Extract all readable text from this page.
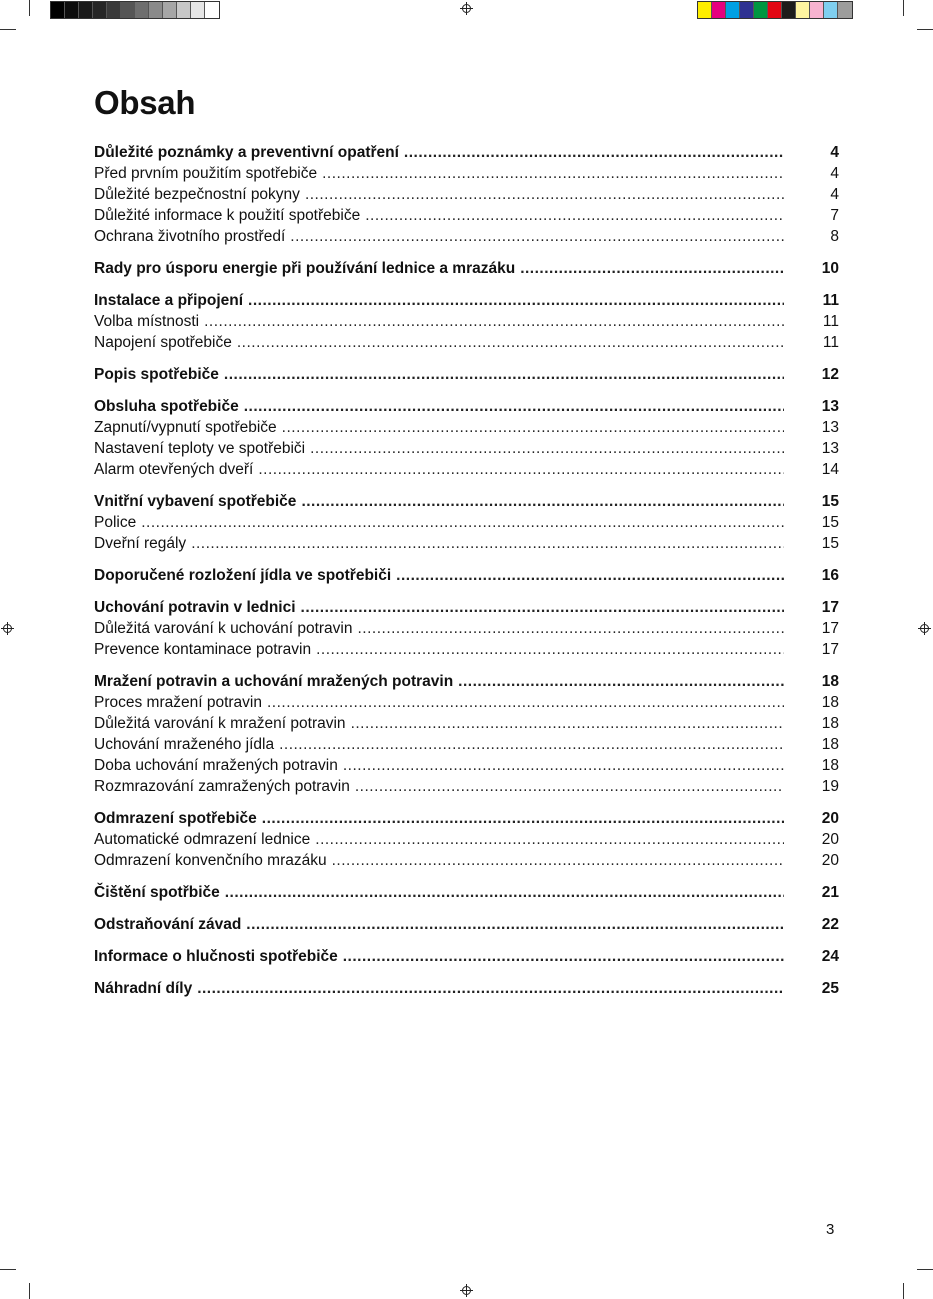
Obsah
Důležité poznámky a preventivní opatření .....	4
Před prvním použitím spotřebiče .....	4
Důležité bezpečnostní pokyny .....	4
Důležité informace k použití spotřebiče .....	7
Ochrana životního prostředí .....	8
Rady pro úsporu energie při používání lednice a mrazáku .....	10
Instalace a připojení .....	11
Volba místnosti .....	11
Napojení spotřebiče .....	11
Popis spotřebiče .....	12
Obsluha spotřebiče .....	13
Zapnutí/vypnutí spotřebiče .....	13
Nastavení teploty ve spotřebiči .....	13
Alarm otevřených dveří .....	14
Vnitřní vybavení spotřebiče .....	15
Police .....	15
Dveřní regály .....	15
Doporučené rozložení jídla ve spotřebiči .....	16
Uchování potravin v lednici .....	17
Důležitá varování k uchování potravin .....	17
Prevence kontaminace potravin .....	17
Mražení potravin a uchování mražených potravin .....	18
Proces mražení potravin .....	18
Důležitá varování k mražení potravin .....	18
Uchování mraženého jídla .....	18
Doba uchování mražených potravin .....	18
Rozmrazování zamražených potravin .....	19
Odmrazení spotřebiče .....	20
Automatické odmrazení lednice .....	20
Odmrazení konvenčního mrazáku .....	20
Čištění spotřbiče .....	21
Odstraňování závad .....	22
Informace o hlučnosti spotřebiče .....	24
Náhradní díly .....	25
3
